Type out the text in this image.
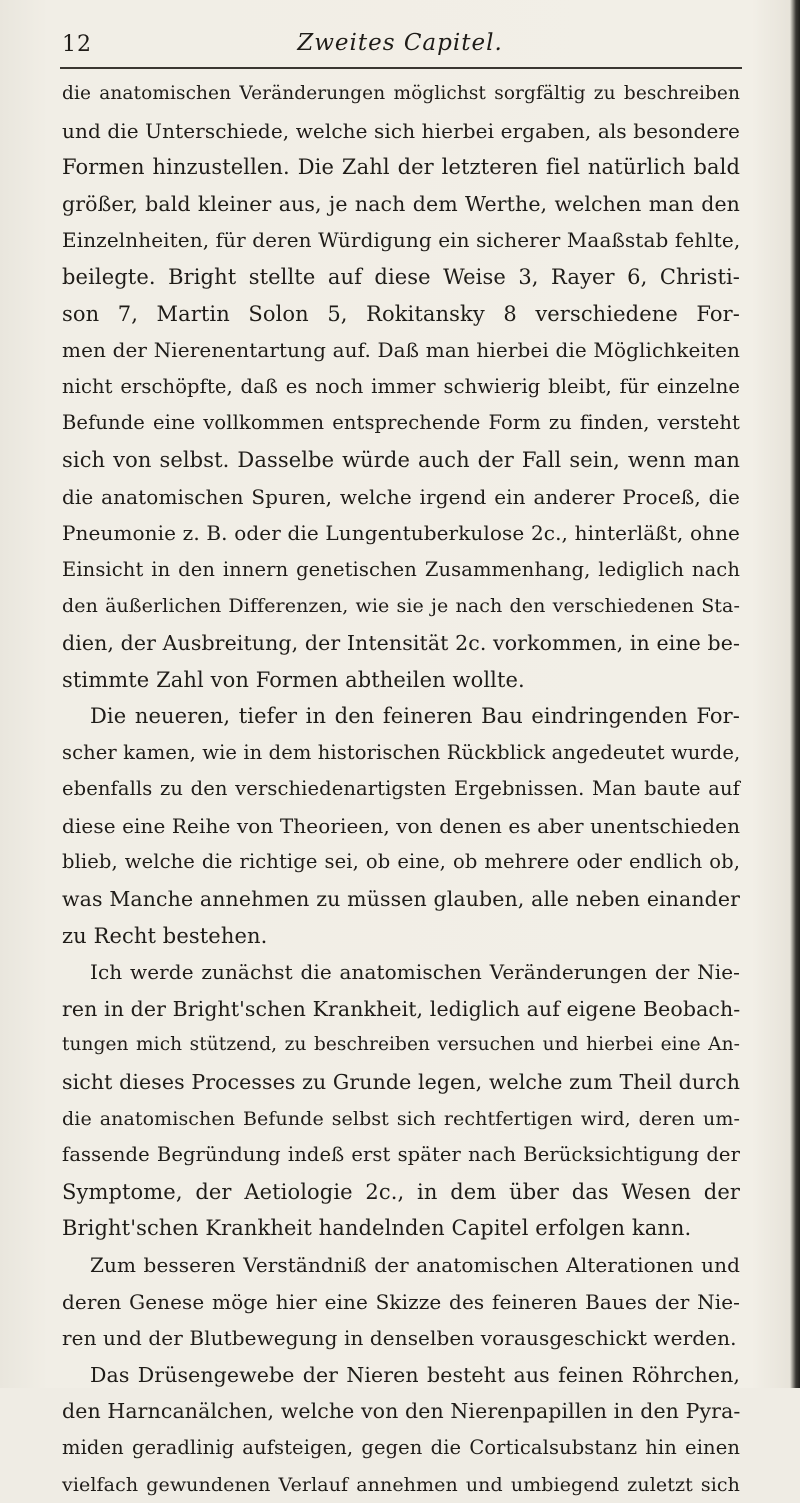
12	Zweites Capitel.
die anatomischen Veränderungen möglichst sorgfältig zu beschreiben
und die Unterschiede, welche sich hierbei ergaben, als besondere
Formen hinzustellen. Die Zahl der letzteren fiel natürlich bald
größer, bald kleiner aus, je nach dem Werthe, welchen man den
Einzelnheiten, für deren Würdigung ein sicherer Maaßstab fehlte,
beilegte. Bright stellte auf diese Weise 3, Rayer 6, Christi-
son 7, Martin Solon 5, Rokitansky 8 verschiedene For-
men der Nierenentartung auf. Daß man hierbei die Möglichkeiten
nicht erschöpfte, daß es noch immer schwierig bleibt, für einzelne
Befunde eine vollkommen entsprechende Form zu finden, versteht
sich von selbst. Dasselbe würde auch der Fall sein, wenn man
die anatomischen Spuren, welche irgend ein anderer Proceß, die
Pneumonie z. B. oder die Lungentuberkulose 2c., hinterläßt, ohne
Einsicht in den innern genetischen Zusammenhang, lediglich nach
den äußerlichen Differenzen, wie sie je nach den verschiedenen Sta-
dien, der Ausbreitung, der Intensität 2c. vorkommen, in eine be-
stimmte Zahl von Formen abtheilen wollte.
Die neueren, tiefer in den feineren Bau eindringenden For-
scher kamen, wie in dem historischen Rückblick angedeutet wurde,
ebenfalls zu den verschiedenartigsten Ergebnissen. Man baute auf
diese eine Reihe von Theorieen, von denen es aber unentschieden
blieb, welche die richtige sei, ob eine, ob mehrere oder endlich ob,
was Manche annehmen zu müssen glauben, alle neben einander
zu Recht bestehen.
Ich werde zunächst die anatomischen Veränderungen der Nie-
ren in der Bright'schen Krankheit, lediglich auf eigene Beobach-
tungen mich stützend, zu beschreiben versuchen und hierbei eine An-
sicht dieses Processes zu Grunde legen, welche zum Theil durch
die anatomischen Befunde selbst sich rechtfertigen wird, deren um-
fassende Begründung indeß erst später nach Berücksichtigung der
Symptome, der Aetiologie 2c., in dem über das Wesen der
Bright'schen Krankheit handelnden Capitel erfolgen kann.
Zum besseren Verständniß der anatomischen Alterationen und
deren Genese möge hier eine Skizze des feineren Baues der Nie-
ren und der Blutbewegung in denselben vorausgeschickt werden.
Das Drüsengewebe der Nieren besteht aus feinen Röhrchen,
den Harncanälchen, welche von den Nierenpapillen in den Pyra-
miden geradlinig aufsteigen, gegen die Corticalsubstanz hin einen
vielfach gewundenen Verlauf annehmen und umbiegend zuletzt sich
